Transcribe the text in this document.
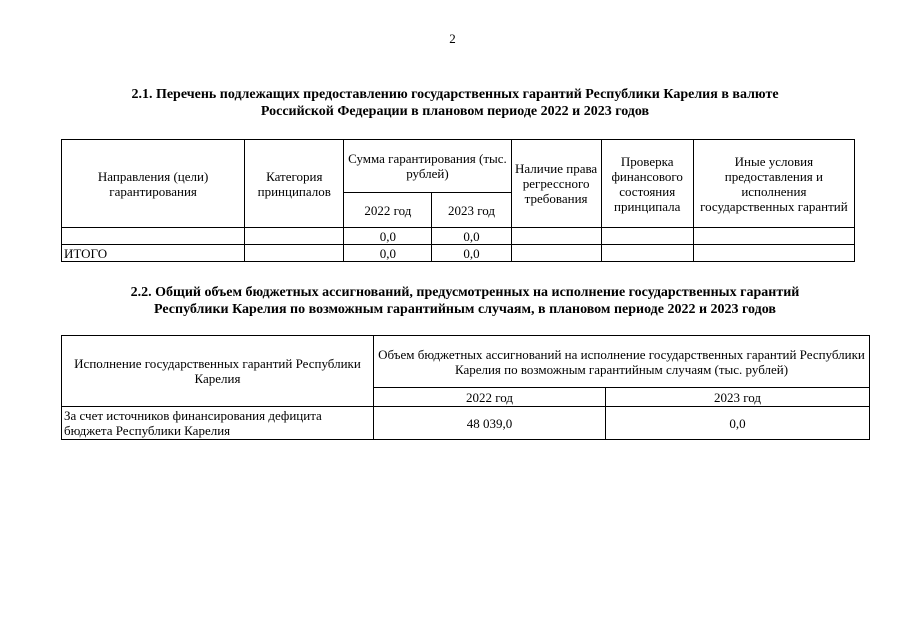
2
2.1. Перечень подлежащих предоставлению государственных гарантий Республики Карелия в валюте
Российской Федерации в плановом периоде 2022 и 2023 годов
Направления (цели) гарантирования	Категория принципалов	Сумма гарантирования (тыс. рублей)		Наличие права регрессного требования	Проверка финансового состояния принципала	Иные условия предоставления и исполнения государственных гарантий
		2022 год	2023 год			
		0,0	0,0			
ИТОГО		0,0	0,0			
2.2. Общий объем бюджетных ассигнований, предусмотренных на исполнение государственных гарантий
Республики Карелия по возможным гарантийным случаям, в плановом периоде 2022 и 2023 годов
Исполнение государственных гарантий Республики Карелия	Объем бюджетных ассигнований на исполнение государственных гарантий Республики Карелия по возможным гарантийным случаям (тыс. рублей)	
	2022 год	2023 год
За счет источников финансирования дефицита бюджета Республики Карелия	48 039,0	0,0
